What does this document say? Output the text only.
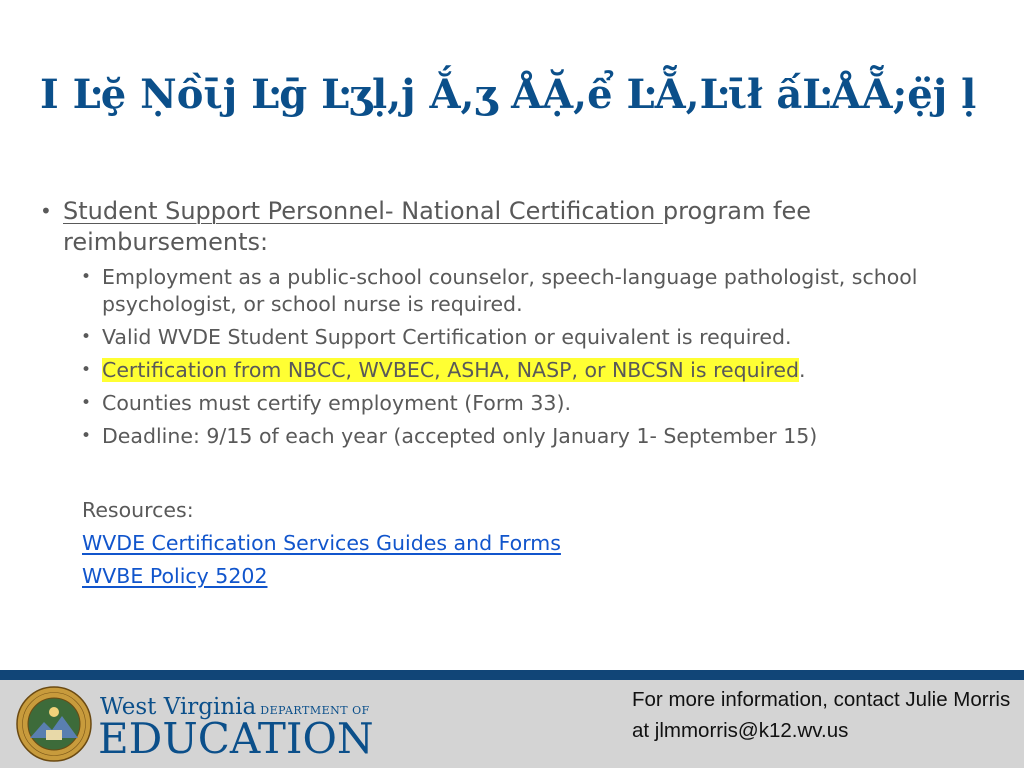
I Ŀḝ Ṇồῑϳ Ŀḡ Ŀʒḷ,ϳ Ắ,ʒ ÅẶ,ể ĿẴ,Ŀῑł ấĿÅẴ;ẹ̈ϳ ḷ
• Student Support Personnel- National Certification program fee reimbursements:
• Employment as a public-school counselor, speech-language pathologist, school psychologist, or school nurse is required.
• Valid WVDE Student Support Certification or equivalent is required.
• Certification from NBCC, WVBEC, ASHA, NASP, or NBCSN is required.
• Counties must certify employment (Form 33).
• Deadline: 9/15 of each year (accepted only January 1- September 15)
Resources:
WVDE Certification Services Guides and Forms
WVBE Policy 5202
West Virginia DEPARTMENT OF
EDUCATION
For more information, contact Julie Morris at jlmmorris@k12.wv.us
